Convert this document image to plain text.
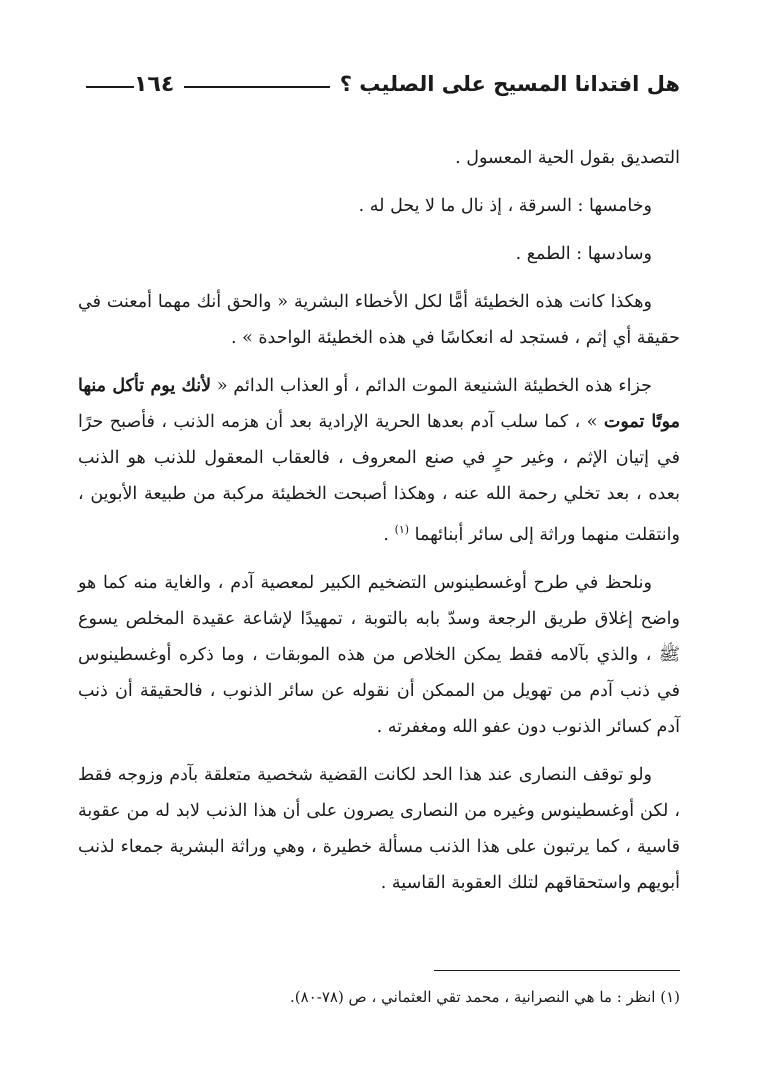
١٦٤	هل افتدانا المسيح على الصليب ؟

التصديق بقول الحية المعسول .

وخامسها : السرقة ، إذ نال ما لا يحل له .

وسادسها : الطمع .

وهكذا كانت هذه الخطيئة أمًّا لكل الأخطاء البشرية « والحق أنك مهما أمعنت في حقيقة أي إثم ، فستجد له انعكاسًا في هذه الخطيئة الواحدة » .

جزاء هذه الخطيئة الشنيعة الموت الدائم ، أو العذاب الدائم « لأنك يوم تأكل منها موتًا تموت » ، كما سلب آدم بعدها الحرية الإرادية بعد أن هزمه الذنب ، فأصبح حرًا في إتيان الإثم ، وغير حرٍ في صنع المعروف ، فالعقاب المعقول للذنب هو الذنب بعده ، بعد تخلي رحمة الله عنه ، وهكذا أصبحت الخطيئة مركبة من طبيعة الأبوين ، وانتقلت منهما وراثة إلى سائر أبنائهما $^{(١)}$ .

ونلحظ في طرح أوغسطينوس التضخيم الكبير لمعصية آدم ، والغاية منه كما هو واضح إغلاق طريق الرجعة وسدّ بابه بالتوبة ، تمهيدًا لإشاعة عقيدة المخلص يسوع ﷺ ، والذي بآلامه فقط يمكن الخلاص من هذه الموبقات ، وما ذكره أوغسطينوس في ذنب آدم من تهويل من الممكن أن نقوله عن سائر الذنوب ، فالحقيقة أن ذنب آدم كسائر الذنوب دون عفو الله ومغفرته .

ولو توقف النصارى عند هذا الحد لكانت القضية شخصية متعلقة بآدم وزوجه فقط ، لكن أوغسطينوس وغيره من النصارى يصرون على أن هذا الذنب لابد له من عقوبة قاسية ، كما يرتبون على هذا الذنب مسألة خطيرة ، وهي وراثة البشرية جمعاء لذنب أبويهم واستحقاقهم لتلك العقوبة القاسية .

(١) انظر : ما هي النصرانية ، محمد تقي العثماني ، ص (٧٨-٨٠).
